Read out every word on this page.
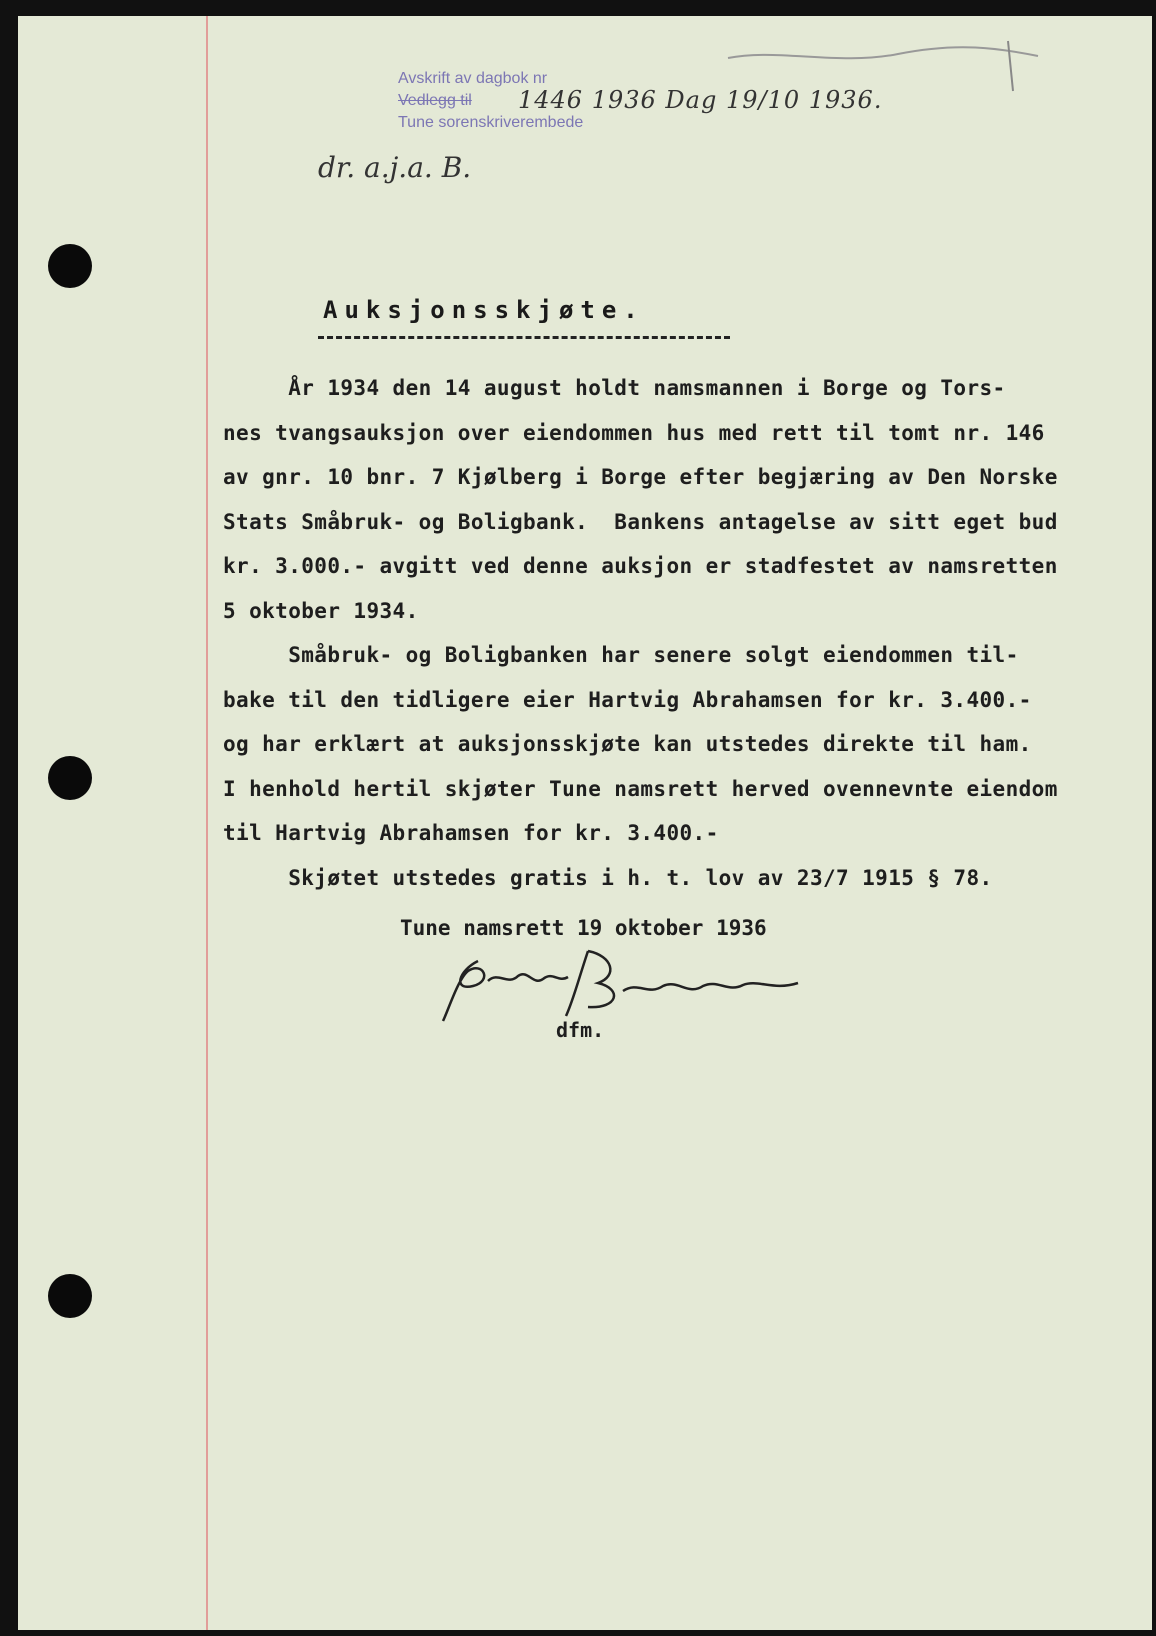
Avskrift av dagbok nr
Vedlegg til
Tune sorenskriverembede
1446 1936 Dag 19/10 1936.
dr. a.j.a. B.
Auksjonsskjøte.
År 1934 den 14 august holdt namsmannen i Borge og Tors-
nes tvangsauksjon over eiendommen hus med rett til tomt nr. 146
av gnr. 10 bnr. 7 Kjølberg i Borge efter begjæring av Den Norske
Stats Småbruk- og Boligbank.  Bankens antagelse av sitt eget bud
kr. 3.000.- avgitt ved denne auksjon er stadfestet av namsretten
5 oktober 1934.
Småbruk- og Boligbanken har senere solgt eiendommen til-
bake til den tidligere eier Hartvig Abrahamsen for kr. 3.400.-
og har erklært at auksjonsskjøte kan utstedes direkte til ham.
I henhold hertil skjøter Tune namsrett herved ovennevnte eiendom
til Hartvig Abrahamsen for kr. 3.400.-
Skjøtet utstedes gratis i h. t. lov av 23/7 1915 § 78.
Tune namsrett 19 oktober 1936
dfm.
